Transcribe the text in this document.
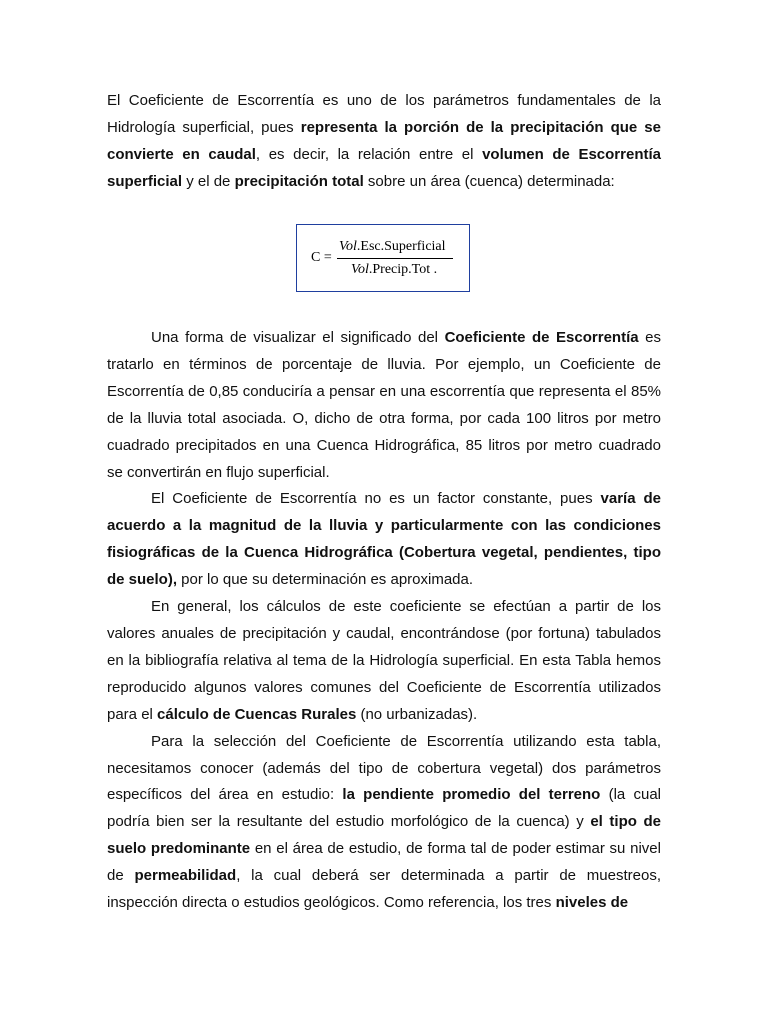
El Coeficiente de Escorrentía es uno de los parámetros fundamentales de la Hidrología superficial, pues representa la porción de la precipitación que se convierte en caudal, es decir, la relación entre el volumen de Escorrentía superficial y el de precipitación total sobre un área (cuenca) determinada:

C =
Vol.Esc.Superficial
Vol.Precip.Tot .

Una forma de visualizar el significado del Coeficiente de Escorrentía es tratarlo en términos de porcentaje de lluvia. Por ejemplo, un Coeficiente de Escorrentía de 0,85 conduciría a pensar en una escorrentía que representa el 85% de la lluvia total asociada. O, dicho de otra forma, por cada 100 litros por metro cuadrado precipitados en una Cuenca Hidrográfica, 85 litros por metro cuadrado se convertirán en flujo superficial.

El Coeficiente de Escorrentía no es un factor constante, pues varía de acuerdo a la magnitud de la lluvia y particularmente con las condiciones fisiográficas de la Cuenca Hidrográfica (Cobertura vegetal, pendientes, tipo de suelo), por lo que su determinación es aproximada.

En general, los cálculos de este coeficiente se efectúan a partir de los valores anuales de precipitación y caudal, encontrándose (por fortuna) tabulados en la bibliografía relativa al tema de la Hidrología superficial. En esta Tabla hemos reproducido algunos valores comunes del Coeficiente de Escorrentía utilizados para el cálculo de Cuencas Rurales (no urbanizadas).

Para la selección del Coeficiente de Escorrentía utilizando esta tabla, necesitamos conocer (además del tipo de cobertura vegetal) dos parámetros específicos del área en estudio: la pendiente promedio del terreno (la cual podría bien ser la resultante del estudio morfológico de la cuenca) y el tipo de suelo predominante en el área de estudio, de forma tal de poder estimar su nivel de permeabilidad, la cual deberá ser determinada a partir de muestreos, inspección directa o estudios geológicos. Como referencia, los tres niveles de
